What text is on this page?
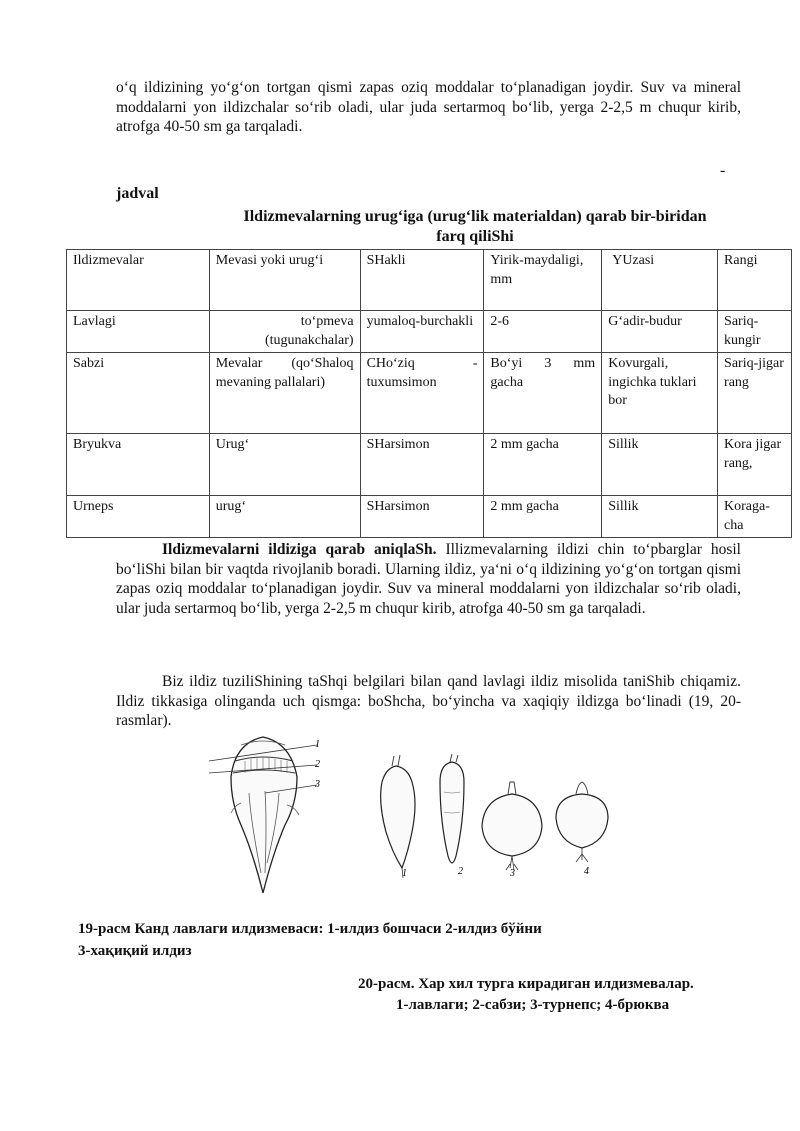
o‘q ildizining yo‘g‘on tortgan qismi zapas oziq moddalar to‘planadigan joydir. Suv va mineral moddalarni yon ildizchalar so‘rib oladi, ular juda sertarmoq bo‘lib, yerga 2-2,5 m chuqur kirib, atrofga 40-50 sm ga tarqaladi.

-
jadval
Ildizmevalarning urug‘iga (urug‘lik materialdan) qarab bir-biridan
farq qiliShi
Ildizmevalar	Mevasi yoki urug‘i	SHakli	Yirik-maydaligi, mm	YUzasi	Rangi
Lavlagi	to‘pmeva (tugunakchalar)	yumaloq-burchakli	2-6	G‘adir-budur	Sariq-kungir
Sabzi	Mevalar (qo‘Shaloq mevaning pallalari)	CHo‘ziq - tuxumsimon	Bo‘yi 3 mm gacha	Kovurgali, ingichka tuklari bor	Sariq-jigar rang
Bryukva	Urug‘	SHarsimon	2 mm gacha	Sillik	Kora jigar rang,
Urneps	urug‘	SHarsimon	2 mm gacha	Sillik	Koraga-cha

Ildizmevalarni ildiziga qarab aniqlaSh. Illizmevalarning ildizi chin to‘pbarglar hosil bo‘liShi bilan bir vaqtda rivojlanib boradi. Ularning ildiz, ya‘ni o‘q ildizining yo‘g‘on tortgan qismi zapas oziq moddalar to‘planadigan joydir. Suv va mineral moddalarni yon ildizchalar so‘rib oladi, ular juda sertarmoq bo‘lib, yerga 2-2,5 m chuqur kirib, atrofga 40-50 sm ga tarqaladi.

Biz ildiz tuziliShining taShqi belgilari bilan qand lavlagi ildiz misolida taniShib chiqamiz. Ildiz tikkasiga olinganda uch qismga: boShcha, bo‘yincha va xaqiqiy ildizga bo‘linadi (19, 20-rasmlar).

1
2
3
1	2	3	4
19-расм Канд лавлаги илдизмеваси: 1-илдиз бошчаси 2-илдиз бўйни
3-хақиқий илдиз
20-расм. Хар хил турга кирадиган илдизмевалар.
1-лавлаги; 2-сабзи; 3-турнепс; 4-брюква
